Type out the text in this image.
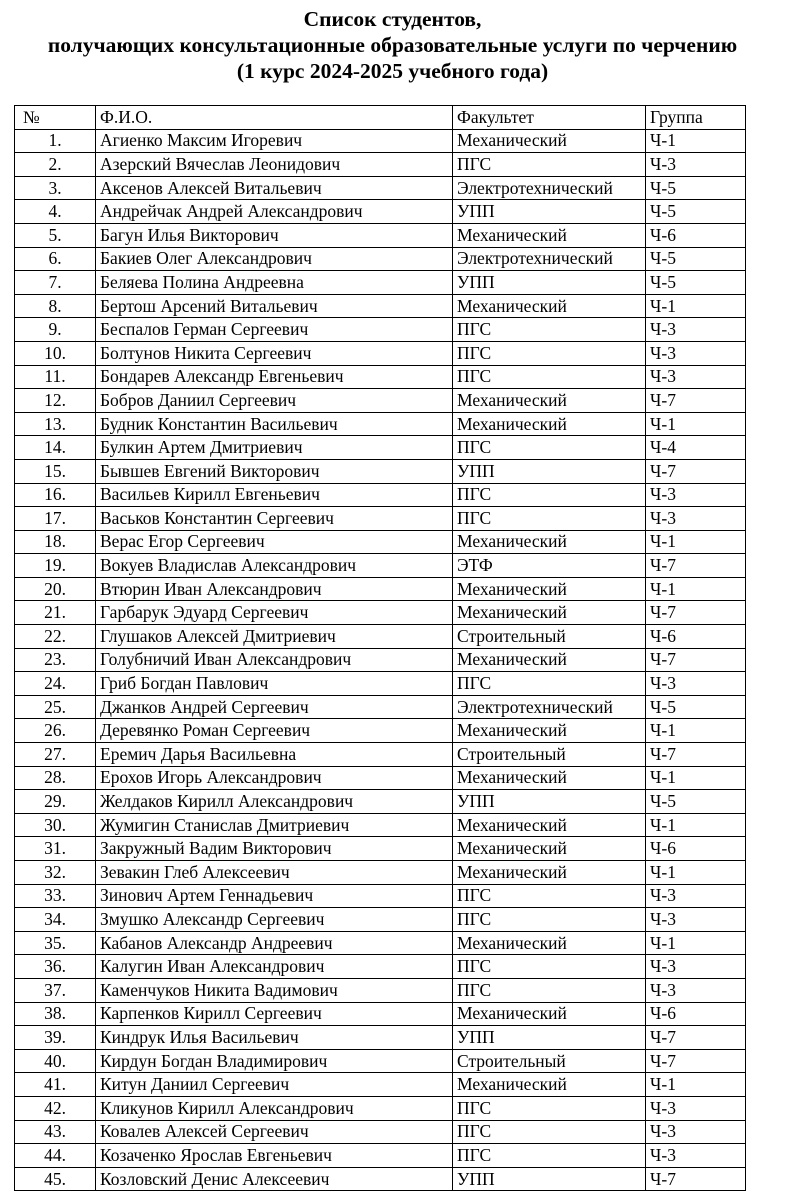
Список студентов,
получающих консультационные образовательные услуги по черчению
(1 курс 2024-2025 учебного года)
№	Ф.И.О.	Факультет	Группа
1.	Агиенко Максим Игоревич	Механический	Ч-1
2.	Азерский Вячеслав Леонидович	ПГС	Ч-3
3.	Аксенов Алексей Витальевич	Электротехнический	Ч-5
4.	Андрейчак Андрей Александрович	УПП	Ч-5
5.	Багун Илья Викторович	Механический	Ч-6
6.	Бакиев Олег Александрович	Электротехнический	Ч-5
7.	Беляева Полина Андреевна	УПП	Ч-5
8.	Бертош Арсений Витальевич	Механический	Ч-1
9.	Беспалов Герман Сергеевич	ПГС	Ч-3
10.	Болтунов Никита Сергеевич	ПГС	Ч-3
11.	Бондарев Александр Евгеньевич	ПГС	Ч-3
12.	Бобров Даниил Сергеевич	Механический	Ч-7
13.	Будник Константин Васильевич	Механический	Ч-1
14.	Булкин Артем Дмитриевич	ПГС	Ч-4
15.	Бывшев Евгений Викторович	УПП	Ч-7
16.	Васильев Кирилл Евгеньевич	ПГС	Ч-3
17.	Васьков Константин Сергеевич	ПГС	Ч-3
18.	Верас Егор Сергеевич	Механический	Ч-1
19.	Вокуев Владислав Александрович	ЭТФ	Ч-7
20.	Втюрин Иван Александрович	Механический	Ч-1
21.	Гарбарук Эдуард Сергеевич	Механический	Ч-7
22.	Глушаков Алексей Дмитриевич	Строительный	Ч-6
23.	Голубничий Иван Александрович	Механический	Ч-7
24.	Гриб Богдан Павлович	ПГС	Ч-3
25.	Джанков Андрей Сергеевич	Электротехнический	Ч-5
26.	Деревянко Роман Сергеевич	Механический	Ч-1
27.	Еремич Дарья Васильевна	Строительный	Ч-7
28.	Ерохов Игорь Александрович	Механический	Ч-1
29.	Желдаков Кирилл Александрович	УПП	Ч-5
30.	Жумигин Станислав Дмитриевич	Механический	Ч-1
31.	Закружный Вадим Викторович	Механический	Ч-6
32.	Зевакин Глеб Алексеевич	Механический	Ч-1
33.	Зинович Артем Геннадьевич	ПГС	Ч-3
34.	Змушко Александр Сергеевич	ПГС	Ч-3
35.	Кабанов Александр Андреевич	Механический	Ч-1
36.	Калугин Иван Александрович	ПГС	Ч-3
37.	Каменчуков Никита Вадимович	ПГС	Ч-3
38.	Карпенков Кирилл Сергеевич	Механический	Ч-6
39.	Киндрук Илья Васильевич	УПП	Ч-7
40.	Кирдун Богдан Владимирович	Строительный	Ч-7
41.	Китун Даниил Сергеевич	Механический	Ч-1
42.	Кликунов Кирилл Александрович	ПГС	Ч-3
43.	Ковалев Алексей Сергеевич	ПГС	Ч-3
44.	Козаченко Ярослав Евгеньевич	ПГС	Ч-3
45.	Козловский Денис Алексеевич	УПП	Ч-7
